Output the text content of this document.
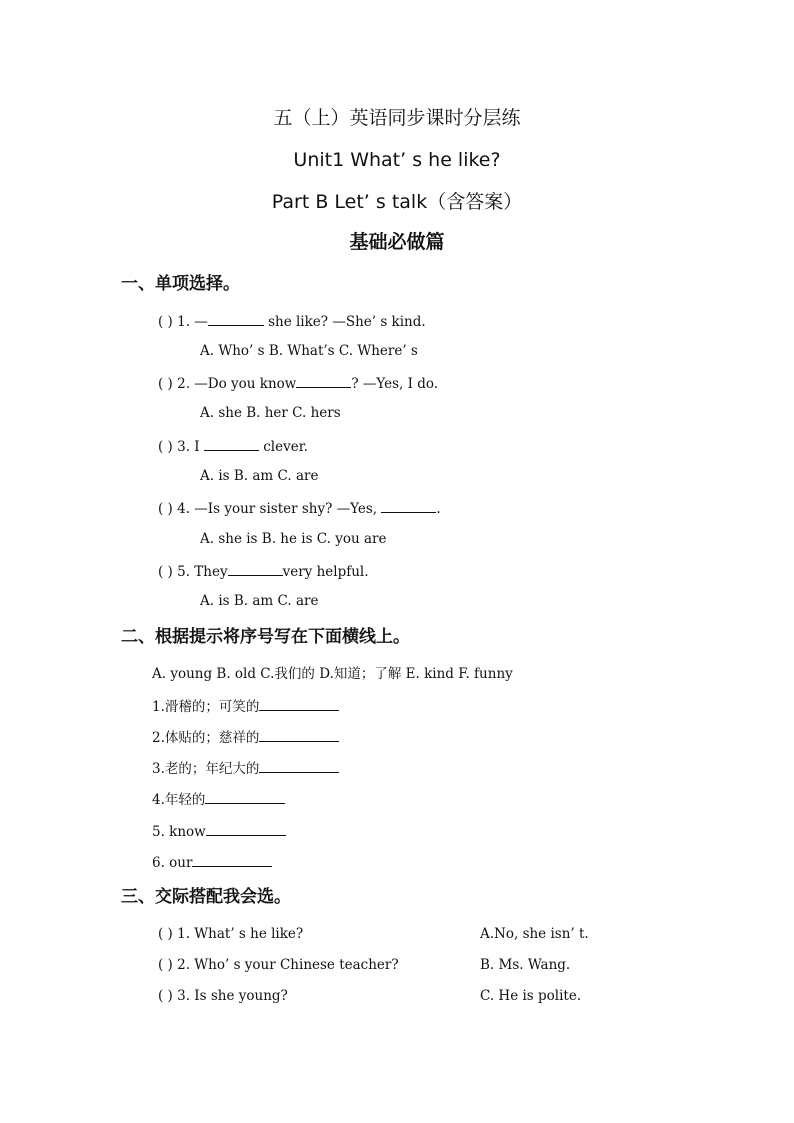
五（上）英语同步课时分层练
Unit1 What’ s he like?
Part B Let’ s talk（含答案）
基础必做篇
一、单项选择。
( ) 1. —	she like? —She’ s kind.
A. Who’ s B. What’s C. Where’ s
( ) 2. —Do you know	? —Yes, I do.
A. she B. her C. hers
( ) 3. I	clever.
A. is B. am C. are
( ) 4. —Is your sister shy? —Yes,	.
A. she is B. he is C. you are
( ) 5. They	very helpful.
A. is B. am C. are
二、根据提示将序号写在下面横线上。
A. young B. old C.我们的 D.知道；了解 E. kind F. funny
1.滑稽的；可笑的
2.体贴的；慈祥的
3.老的；年纪大的
4.年轻的
5. know
6. our
三、交际搭配我会选。
( ) 1. What’ s he like?	A.No, she isn’ t.
( ) 2. Who’ s your Chinese teacher?	B. Ms. Wang.
( ) 3. Is she young?	C. He is polite.
